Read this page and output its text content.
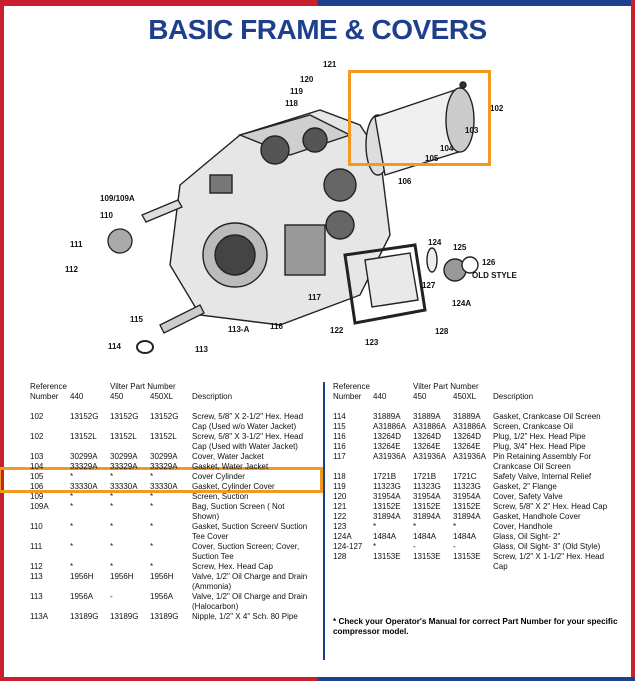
BASIC FRAME & COVERS
121
120
119
118
102
103
104
105
106
109/109A
110
111
112
115
114	113
113-A	116
117
122
123
124
125
126
OLD STYLE
127
124A
128
Reference		Vilter Part Number		
Number	440	450	450XL	Description

102	13152G	13152G	13152G	Screw, 5/8" X 2-1/2" Hex. Head
				Cap (Used w/o Water Jacket)
102	13152L	13152L	13152L	Screw, 5/8" X 3-1/2" Hex. Head
				Cap (Used with Water Jacket)
103	30299A	30299A	30299A	Cover, Water Jacket
104	33329A	33329A	33329A	Gasket, Water Jacket
105	*	*	*	Cover Cylinder
106	33330A	33330A	33330A	Gasket, Cylinder Cover
109	*	*	*	Screen, Suction
109A	*	*	*	Bag, Suction Screen ( Not
				Shown)
110	*	*	*	Gasket, Suction Screen/ Suction
				Tee Cover
111	*	*	*	Cover, Suction Screen; Cover,
				Suction Tee
112	*	*	*	Screw, Hex. Head Cap
113	1956H	1956H	1956H	Valve, 1/2" Oil Charge and Drain
				(Ammonia)
113	1956A	-	1956A	Valve, 1/2" Oil Charge and Drain
				(Halocarbon)
113A	13189G	13189G	13189G	Nipple, 1/2" X 4" Sch. 80 Pipe
Reference		Vilter Part Number		
Number	440	450	450XL	Description

114	31889A	31889A	31889A	Gasket, Crankcase Oil Screen
115	A31886A	A31886A	A31886A	Screen, Crankcase Oil
116	13264D	13264D	13264D	Plug, 1/2" Hex. Head Pipe
116	13264E	13264E	13264E	Plug, 3/4" Hex. Head Pipe
117	A31936A	A31936A	A31936A	Pin Retaining Assembly For
				Crankcase Oil Screen
118	1721B	1721B	1721C	Safety Valve, Internal Relief
119	11323G	11323G	11323G	Gasket, 2" Flange
120	31954A	31954A	31954A	Cover, Safety Valve
121	13152E	13152E	13152E	Screw, 5/8" X 2" Hex. Head Cap

122	31894A	31894A	31894A	Gasket, Handhole Cover
123	*	*	*	Cover, Handhole
124A	1484A	1484A	1484A	Glass, Oil Sight- 2"
124-127	*	-	-	Glass, Oil Sight- 3" (Old Style)
128	13153E	13153E	13153E	Screw, 1/2" X 1-1/2" Hex. Head
				Cap
* Check your Operator's Manual for correct Part Number for your specific compressor model.
